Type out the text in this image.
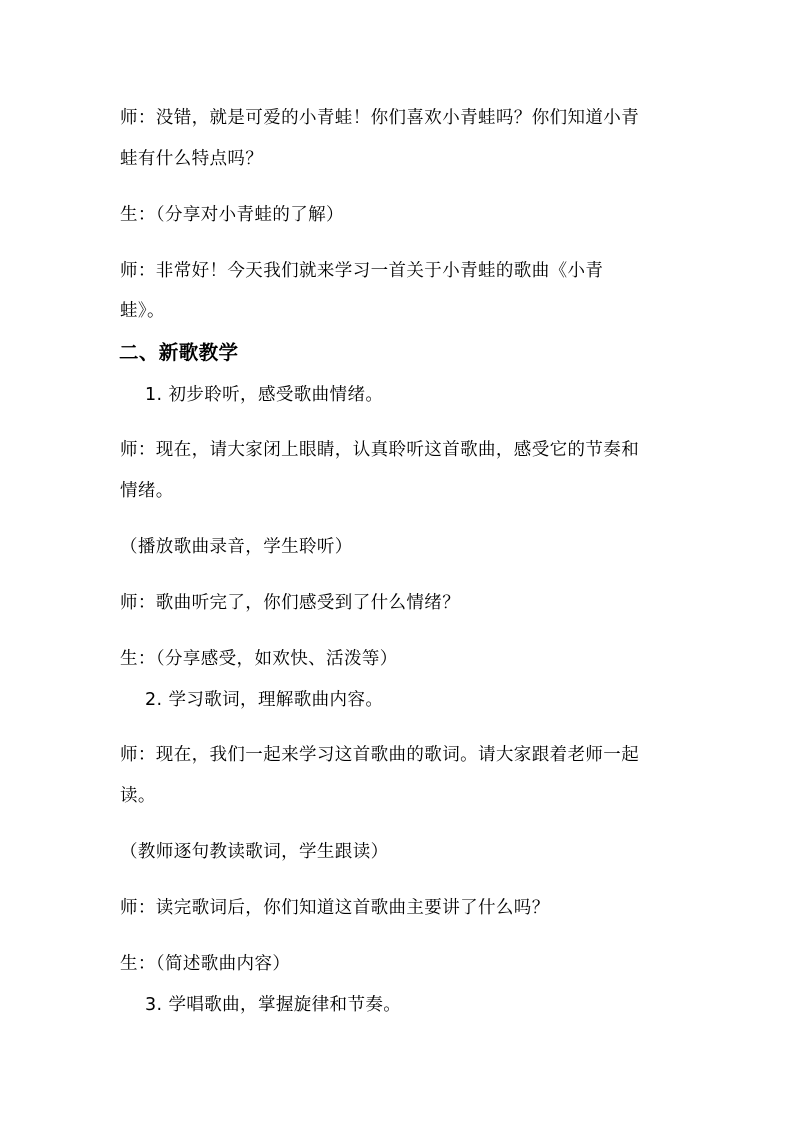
师：没错，就是可爱的小青蛙！你们喜欢小青蛙吗？你们知道小青
蛙有什么特点吗？
生：（分享对小青蛙的了解）
师：非常好！今天我们就来学习一首关于小青蛙的歌曲《小青
蛙》。
二、新歌教学
1. 初步聆听，感受歌曲情绪。
师：现在，请大家闭上眼睛，认真聆听这首歌曲，感受它的节奏和
情绪。
（播放歌曲录音，学生聆听）
师：歌曲听完了，你们感受到了什么情绪？
生：（分享感受，如欢快、活泼等）
2. 学习歌词，理解歌曲内容。
师：现在，我们一起来学习这首歌曲的歌词。请大家跟着老师一起
读。
（教师逐句教读歌词，学生跟读）
师：读完歌词后，你们知道这首歌曲主要讲了什么吗？
生：（简述歌曲内容）
3. 学唱歌曲，掌握旋律和节奏。
